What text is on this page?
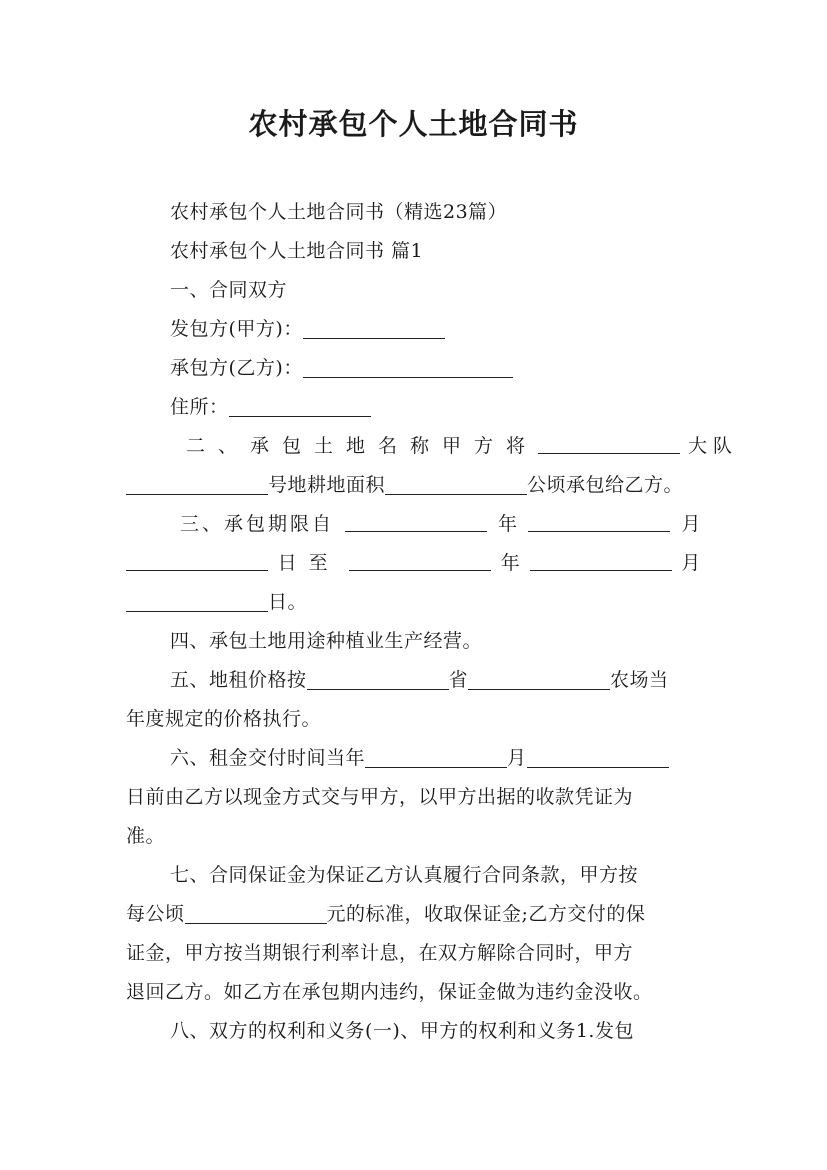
农村承包个人土地合同书
农村承包个人土地合同书（精选23篇）
农村承包个人土地合同书 篇1
一、合同双方
发包方(甲方)：
承包方(乙方)：
住所：
二、承包土地名称甲方将	大队
号地耕地面积	公顷承包给乙方。
三、承包期限自	年	月
日至	年	月
日。
四、承包土地用途种植业生产经营。
五、地租价格按	省	农场当
年度规定的价格执行。
六、租金交付时间当年	月
日前由乙方以现金方式交与甲方，以甲方出据的收款凭证为
准。
七、合同保证金为保证乙方认真履行合同条款，甲方按
每公顷	元的标准，收取保证金;乙方交付的保
证金，甲方按当期银行利率计息，在双方解除合同时，甲方
退回乙方。如乙方在承包期内违约，保证金做为违约金没收。
八、双方的权利和义务(一)、甲方的权利和义务1.发包
